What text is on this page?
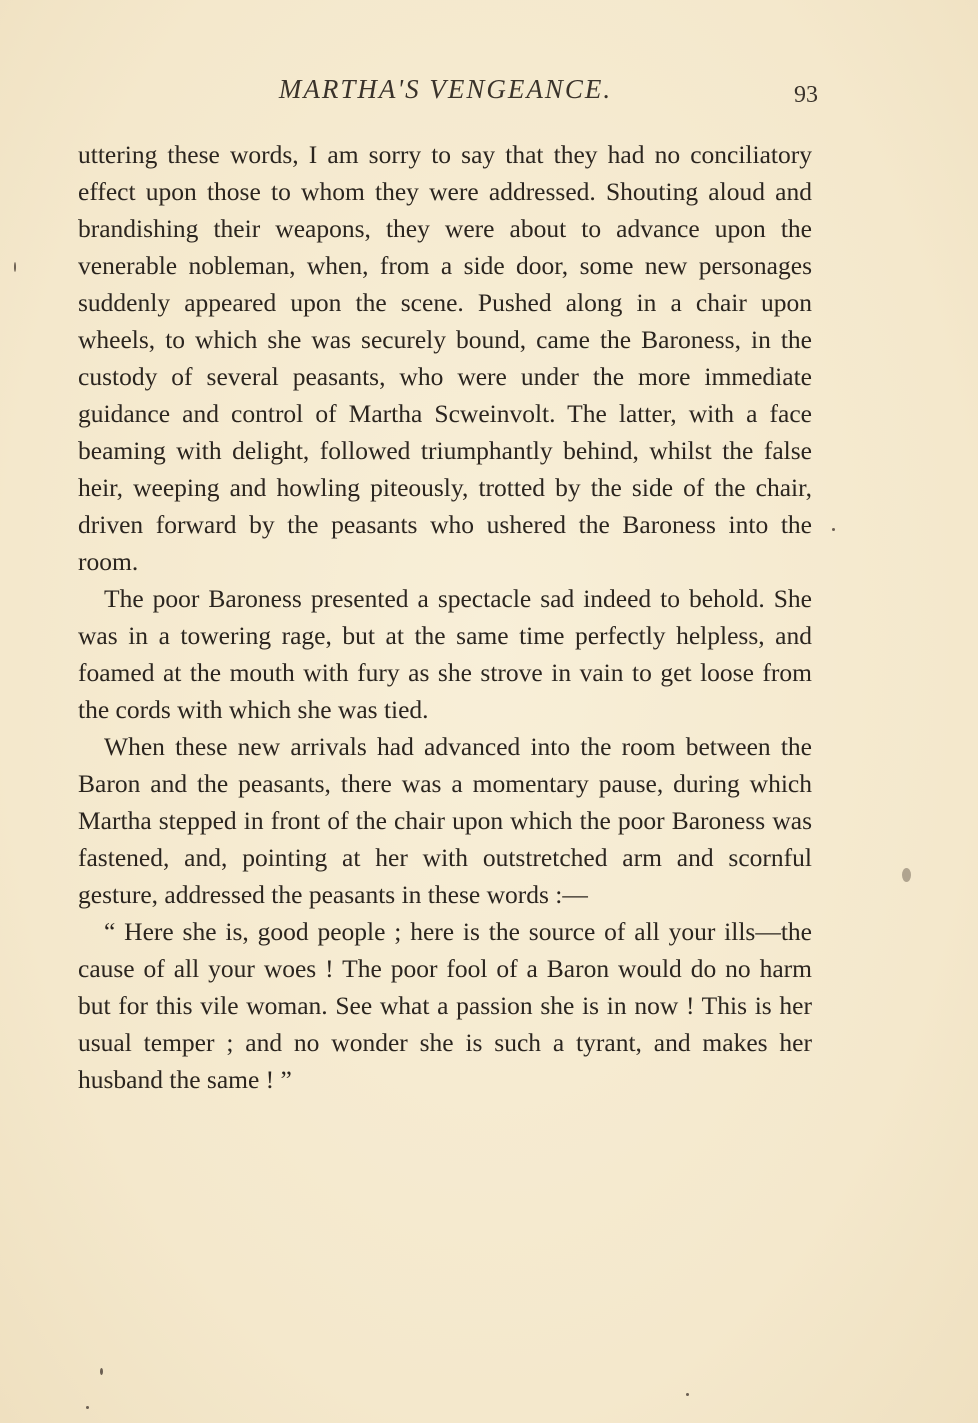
MARTHA'S VENGEANCE.	93

uttering these words, I am sorry to say that they had no conciliatory effect upon those to whom they were addressed. Shouting aloud and brandishing their weapons, they were about to advance upon the venerable nobleman, when, from a side door, some new personages suddenly appeared upon the scene. Pushed along in a chair upon wheels, to which she was securely bound, came the Baroness, in the custody of several peasants, who were under the more immediate guidance and control of Martha Scweinvolt. The latter, with a face beaming with delight, followed triumphantly behind, whilst the false heir, weeping and howling piteously, trotted by the side of the chair, driven forward by the peasants who ushered the Baroness into the room.

The poor Baroness presented a spectacle sad indeed to behold. She was in a towering rage, but at the same time perfectly helpless, and foamed at the mouth with fury as she strove in vain to get loose from the cords with which she was tied.

When these new arrivals had advanced into the room between the Baron and the peasants, there was a momentary pause, during which Martha stepped in front of the chair upon which the poor Baroness was fastened, and, pointing at her with outstretched arm and scornful gesture, addressed the peasants in these words :—

“ Here she is, good people ; here is the source of all your ills—the cause of all your woes ! The poor fool of a Baron would do no harm but for this vile woman. See what a passion she is in now ! This is her usual temper ; and no wonder she is such a tyrant, and makes her husband the same ! ”
